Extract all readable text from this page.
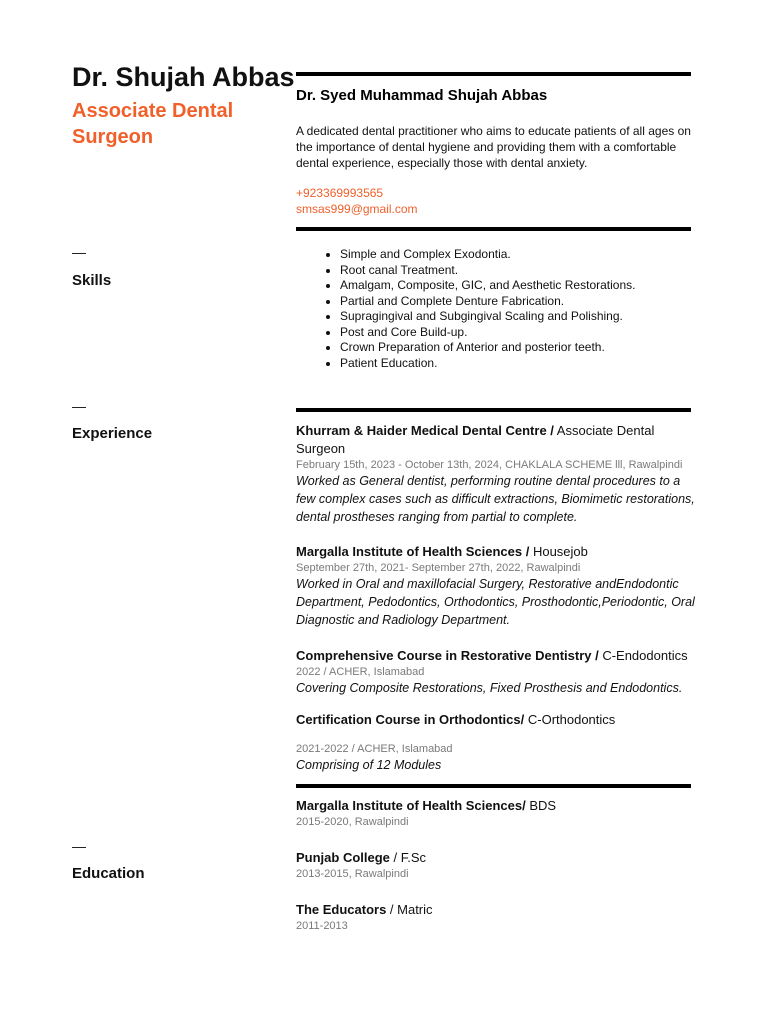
Dr. Shujah Abbas
Associate Dental Surgeon
—
Skills
—
Experience
—
Education
Dr. Syed Muhammad Shujah Abbas
A dedicated dental practitioner who aims to educate patients of all ages on the importance of dental hygiene and providing them with a comfortable dental experience, especially those with dental anxiety.
+923369993565
smsas999@gmail.com
• Simple and Complex Exodontia.
• Root canal Treatment.
• Amalgam, Composite, GIC, and Aesthetic Restorations.
• Partial and Complete Denture Fabrication.
• Supragingival and Subgingival Scaling and Polishing.
• Post and Core Build-up.
• Crown Preparation of Anterior and posterior teeth.
• Patient Education.
Khurram & Haider Medical Dental Centre / Associate Dental Surgeon
February 15th, 2023 - October 13th, 2024, CHAKLALA SCHEME lll, Rawalpindi
Worked as General dentist, performing routine dental procedures to a few complex cases such as difficult extractions, Biomimetic restorations, dental prostheses ranging from partial to complete.
Margalla Institute of Health Sciences / Housejob
September 27th, 2021- September 27th, 2022, Rawalpindi
Worked in Oral and maxillofacial Surgery, Restorative andEndodontic Department, Pedodontics, Orthodontics, Prosthodontic,Periodontic, Oral Diagnostic and Radiology Department.
Comprehensive Course in Restorative Dentistry / C-Endodontics
2022 / ACHER, Islamabad
Covering Composite Restorations, Fixed Prosthesis and Endodontics.
Certification Course in Orthodontics/ C-Orthodontics
2021-2022 / ACHER, Islamabad
Comprising of 12 Modules
Margalla Institute of Health Sciences/ BDS
2015-2020, Rawalpindi
Punjab College / F.Sc
2013-2015, Rawalpindi
The Educators / Matric
2011-2013
